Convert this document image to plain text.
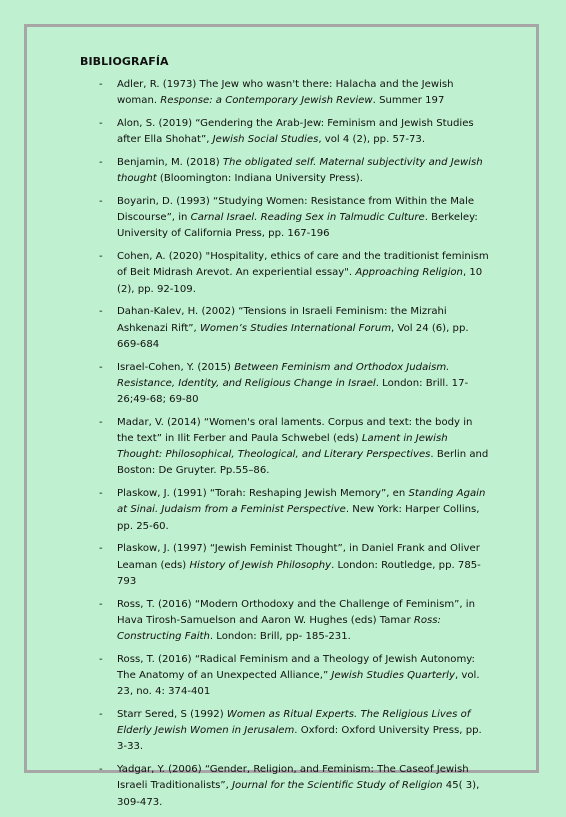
BIBLIOGRAFÍA
- Adler, R. (1973) The Jew who wasn't there: Halacha and the Jewish woman. Response: a Contemporary Jewish Review. Summer 197
- Alon, S. (2019) “Gendering the Arab-Jew: Feminism and Jewish Studies after Ella Shohat”, Jewish Social Studies, vol 4 (2), pp. 57-73.
- Benjamin, M. (2018) The obligated self. Maternal subjectivity and Jewish thought (Bloomington: Indiana University Press).
- Boyarin, D. (1993) “Studying Women: Resistance from Within the Male Discourse”, in Carnal Israel. Reading Sex in Talmudic Culture. Berkeley: University of California Press, pp. 167-196
- Cohen, A. (2020) "Hospitality, ethics of care and the traditionist feminism of Beit Midrash Arevot. An experiential essay". Approaching Religion, 10 (2), pp. 92-109.
- Dahan-Kalev, H. (2002) “Tensions in Israeli Feminism: the Mizrahi Ashkenazi Rift”, Women’s Studies International Forum, Vol 24 (6), pp. 669-684
- Israel-Cohen, Y. (2015) Between Feminism and Orthodox Judaism. Resistance, Identity, and Religious Change in Israel. London: Brill. 17-26;49-68; 69-80
- Madar, V. (2014) “Women's oral laments. Corpus and text: the body in the text” in Ilit Ferber and Paula Schwebel (eds) Lament in Jewish Thought: Philosophical, Theological, and Literary Perspectives. Berlin and Boston: De Gruyter. Pp.55–86.
- Plaskow, J. (1991) “Torah: Reshaping Jewish Memory”, en Standing Again at Sinai. Judaism from a Feminist Perspective. New York: Harper Collins, pp. 25-60.
- Plaskow, J. (1997) “Jewish Feminist Thought”, in Daniel Frank and Oliver Leaman (eds) History of Jewish Philosophy. London: Routledge, pp. 785-793
- Ross, T. (2016) “Modern Orthodoxy and the Challenge of Feminism”, in Hava Tirosh-Samuelson and Aaron W. Hughes (eds) Tamar Ross: Constructing Faith. London: Brill, pp- 185-231.
- Ross, T. (2016) “Radical Feminism and a Theology of Jewish Autonomy: The Anatomy of an Unexpected Alliance,” Jewish Studies Quarterly, vol. 23, no. 4: 374-401
- Starr Sered, S (1992) Women as Ritual Experts. The Religious Lives of Elderly Jewish Women in Jerusalem. Oxford: Oxford University Press, pp. 3-33.
- Yadgar, Y. (2006) “Gender, Religion, and Feminism: The Caseof Jewish Israeli Traditionalists”, Journal for the Scientific Study of Religion 45( 3), 309-473.
